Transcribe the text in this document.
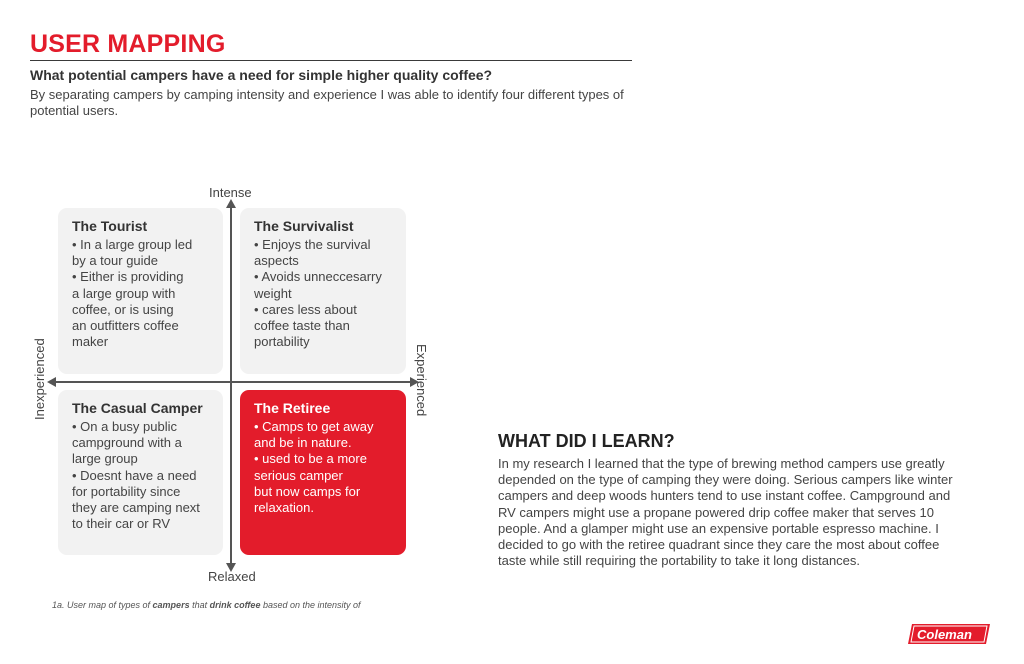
USER MAPPING
What potential campers have a need for simple higher quality coffee?
By separating campers by camping intensity and experience I was able to identify four different types of potential users.
Intense
Relaxed
Inexperienced	Experienced
The Tourist
• In a large group led
by a tour guide
• Either is providing
a large group with
coffee, or is using
an outfitters coffee
maker
The Survivalist
• Enjoys the survival
aspects
• Avoids unneccesarry
weight
• cares less about
coffee taste than
portability
The Casual Camper
• On a busy public
campground with a
large group
• Doesnt have a need
for portability since
they are camping next
to their car or RV
The Retiree
• Camps to get away
and be in nature.
• used to be a more
serious camper
but now camps for
relaxation.
1a. User map of types of campers that drink coffee based on the intensity of
WHAT DID I LEARN?
In my research I learned that the type of brewing method campers use greatly depended on the type of camping they were doing. Serious campers like winter campers and deep woods hunters tend to use instant coffee. Campground and RV campers might use a propane powered drip coffee maker that serves 10 people. And a glamper might use an expensive portable espresso machine. I decided to go with the retiree quadrant since they care the most about coffee taste while still requiring the portability to take it long distances.
Coleman
